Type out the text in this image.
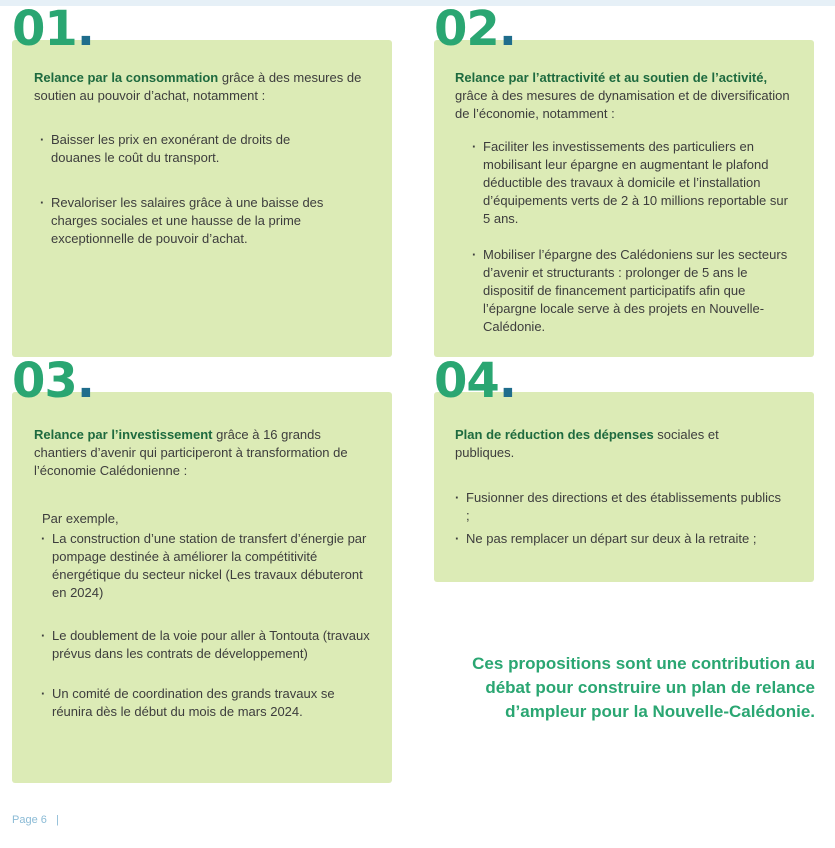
Relance par la consommation grâce à des mesures de soutien au pouvoir d’achat, notamment :
· Baisser les prix en exonérant de droits de douanes le coût du transport.
· Revaloriser les salaires grâce à une baisse des charges sociales et une hausse de la prime exceptionnelle de pouvoir d’achat.
01.
Relance par l’attractivité et au soutien de l’activité, grâce à des mesures de dynamisation et de diversification de l’économie, notamment :
· Faciliter les investissements des particuliers en mobilisant leur épargne en augmentant le plafond déductible des travaux à domicile et l’installation d’équipements verts de 2 à 10 millions reportable sur 5 ans.
· Mobiliser l’épargne des Calédoniens sur les secteurs d’avenir et structurants : prolonger de 5 ans le dispositif de financement participatifs afin que l’épargne locale serve à des projets en Nouvelle-Calédonie.
02.
Relance par l’investissement grâce à 16 grands chantiers d’avenir qui participeront à transformation de l’économie Calédonienne :
Par exemple,
· La construction d’une station de transfert d’énergie par pompage destinée à améliorer la compétitivité énergétique du secteur nickel (Les travaux débuteront en 2024)
· Le doublement de la voie pour aller à Tontouta (travaux prévus dans les contrats de développement)
· Un comité de coordination des grands travaux se réunira dès le début du mois de mars 2024.
03.
Plan de réduction des dépenses sociales et publiques.
· Fusionner des directions et des établissements publics ;
· Ne pas remplacer un départ sur deux à la retraite ;
04.
Ces propositions sont une contribution au débat pour construire un plan de relance d’ampleur pour la Nouvelle-Calédonie.
Page 6 |
